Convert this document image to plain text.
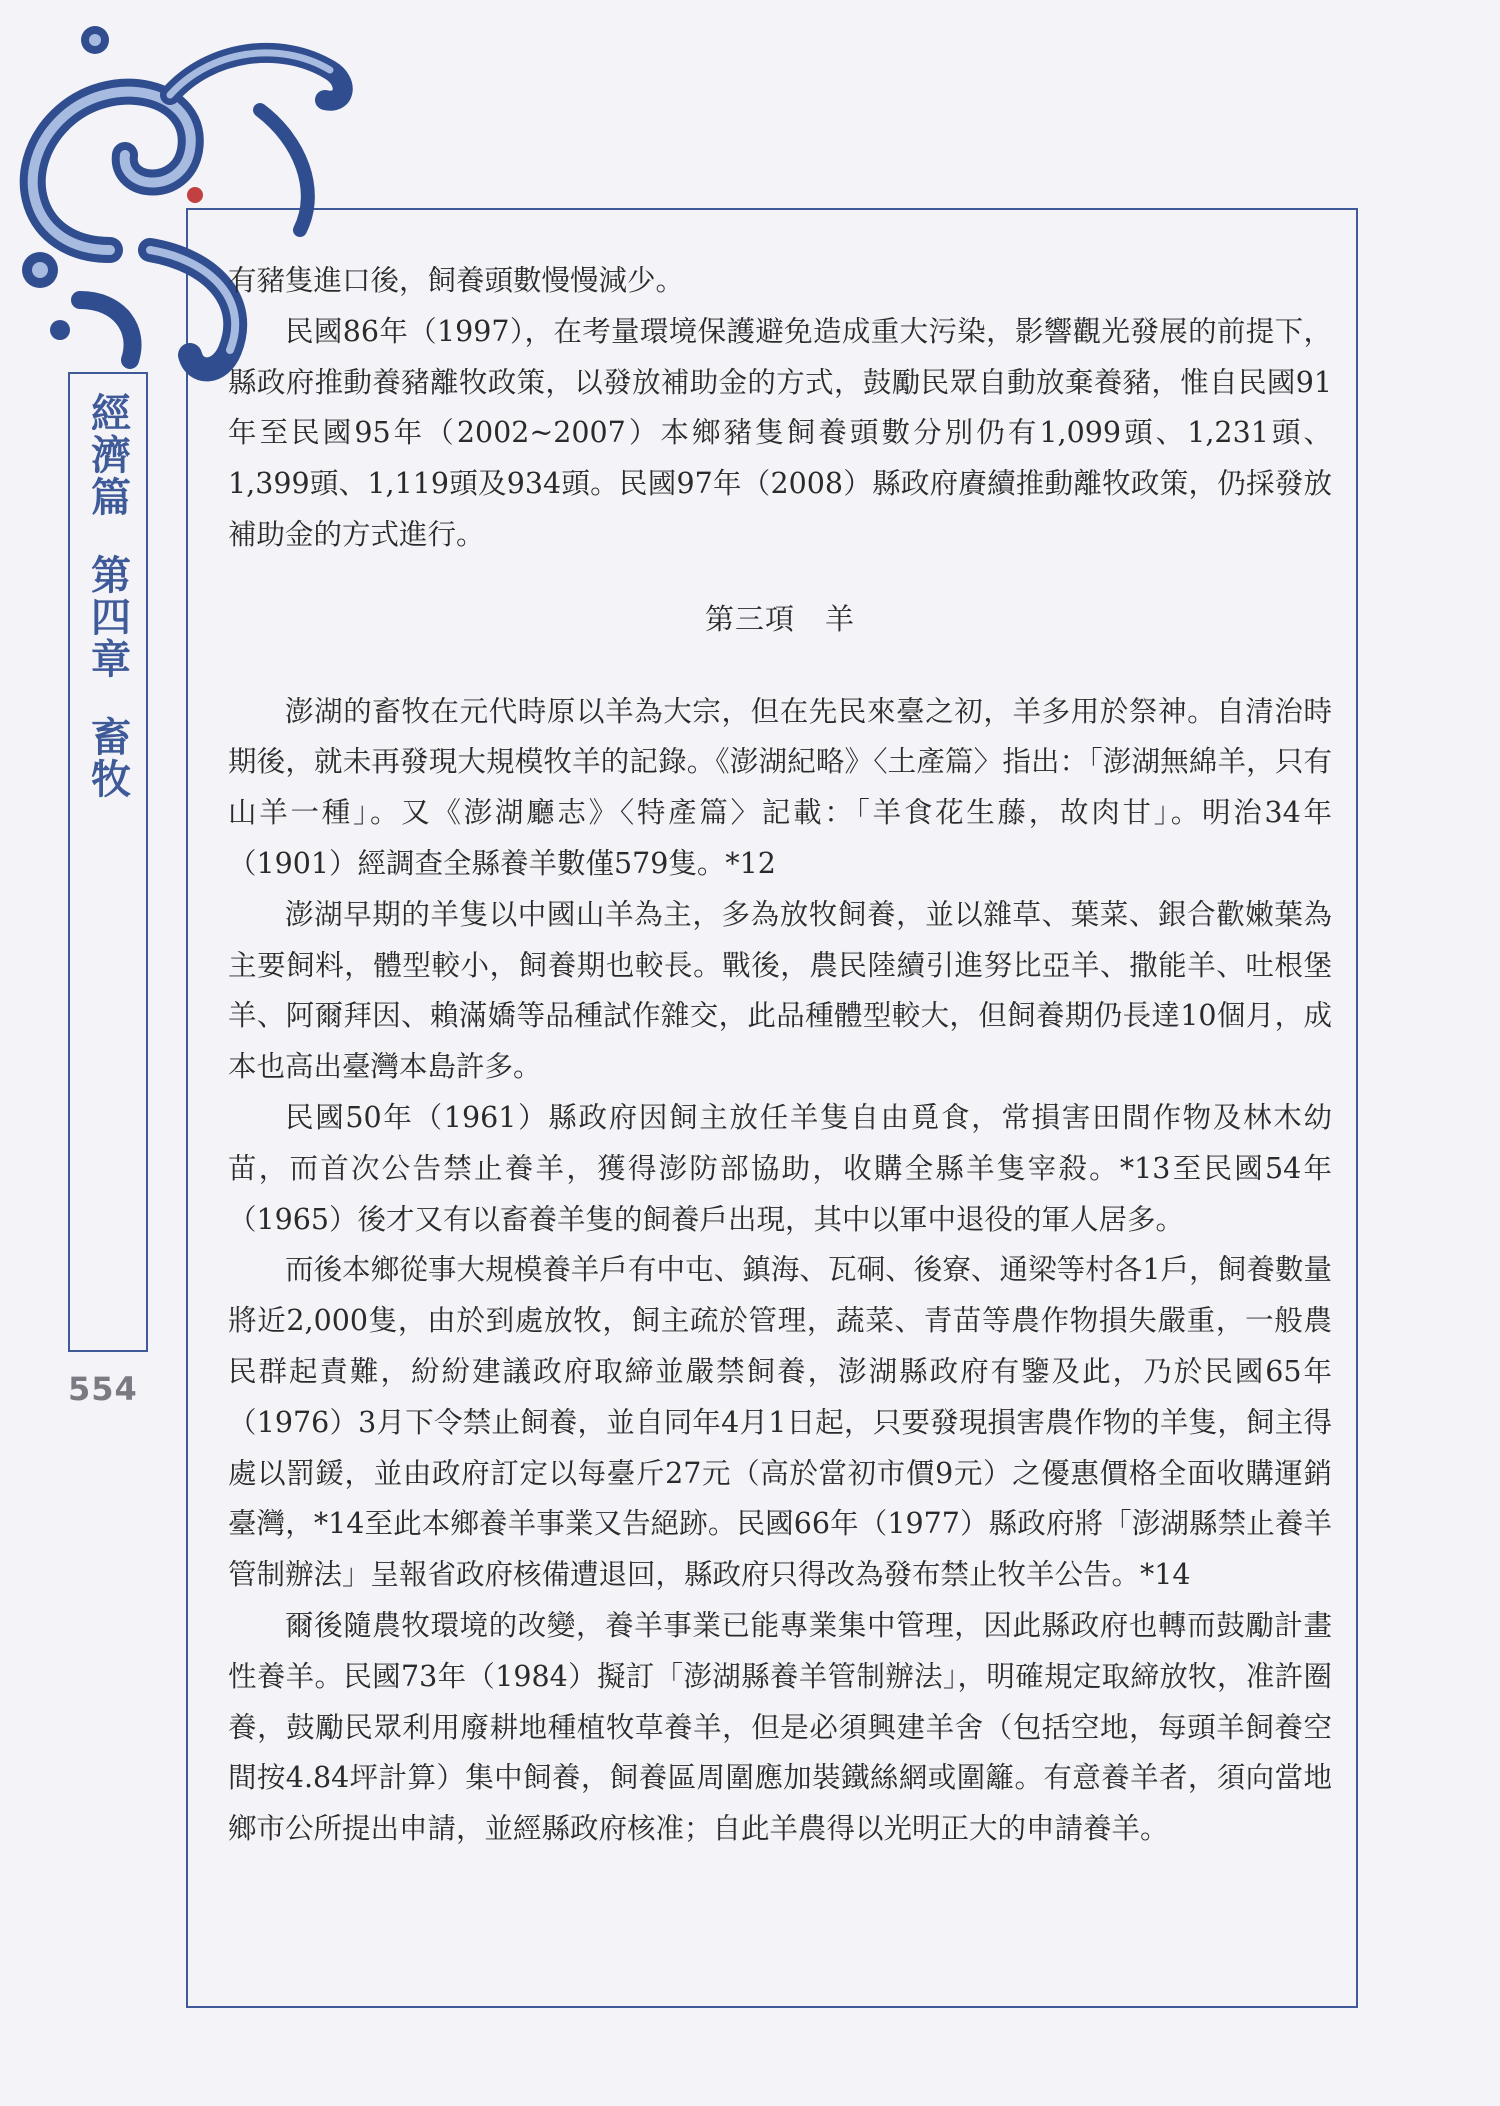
經濟篇
第四章
畜牧
554

有豬隻進口後，飼養頭數慢慢減少。

民國86年（1997），在考量環境保護避免造成重大污染，影響觀光發展的前提下，縣政府推動養豬離牧政策，以發放補助金的方式，鼓勵民眾自動放棄養豬，惟自民國91年至民國95年（2002~2007）本鄉豬隻飼養頭數分別仍有1,099頭、1,231頭、1,399頭、1,119頭及934頭。民國97年（2008）縣政府賡續推動離牧政策，仍採發放補助金的方式進行。

第三項　羊

澎湖的畜牧在元代時原以羊為大宗，但在先民來臺之初，羊多用於祭神。自清治時期後，就未再發現大規模牧羊的記錄。《澎湖紀略》〈土產篇〉指出：「澎湖無綿羊，只有山羊一種」。又《澎湖廳志》〈特產篇〉記載：「羊食花生藤，故肉甘」。明治34年（1901）經調查全縣養羊數僅579隻。*12

澎湖早期的羊隻以中國山羊為主，多為放牧飼養，並以雜草、葉菜、銀合歡嫩葉為主要飼料，體型較小，飼養期也較長。戰後，農民陸續引進努比亞羊、撒能羊、吐根堡羊、阿爾拜因、賴滿嬌等品種試作雜交，此品種體型較大，但飼養期仍長達10個月，成本也高出臺灣本島許多。

民國50年（1961）縣政府因飼主放任羊隻自由覓食，常損害田間作物及林木幼苗，而首次公告禁止養羊，獲得澎防部協助，收購全縣羊隻宰殺。*13至民國54年（1965）後才又有以畜養羊隻的飼養戶出現，其中以軍中退役的軍人居多。

而後本鄉從事大規模養羊戶有中屯、鎮海、瓦硐、後寮、通梁等村各1戶，飼養數量將近2,000隻，由於到處放牧，飼主疏於管理，蔬菜、青苗等農作物損失嚴重，一般農民群起責難，紛紛建議政府取締並嚴禁飼養，澎湖縣政府有鑒及此，乃於民國65年（1976）3月下令禁止飼養，並自同年4月1日起，只要發現損害農作物的羊隻，飼主得處以罰鍰，並由政府訂定以每臺斤27元（高於當初市價9元）之優惠價格全面收購運銷臺灣，*14至此本鄉養羊事業又告絕跡。民國66年（1977）縣政府將「澎湖縣禁止養羊管制辦法」呈報省政府核備遭退回，縣政府只得改為發布禁止牧羊公告。*14

爾後隨農牧環境的改變，養羊事業已能專業集中管理，因此縣政府也轉而鼓勵計畫性養羊。民國73年（1984）擬訂「澎湖縣養羊管制辦法」，明確規定取締放牧，准許圈養，鼓勵民眾利用廢耕地種植牧草養羊，但是必須興建羊舍（包括空地，每頭羊飼養空間按4.84坪計算）集中飼養，飼養區周圍應加裝鐵絲網或圍籬。有意養羊者，須向當地鄉市公所提出申請，並經縣政府核准；自此羊農得以光明正大的申請養羊。
